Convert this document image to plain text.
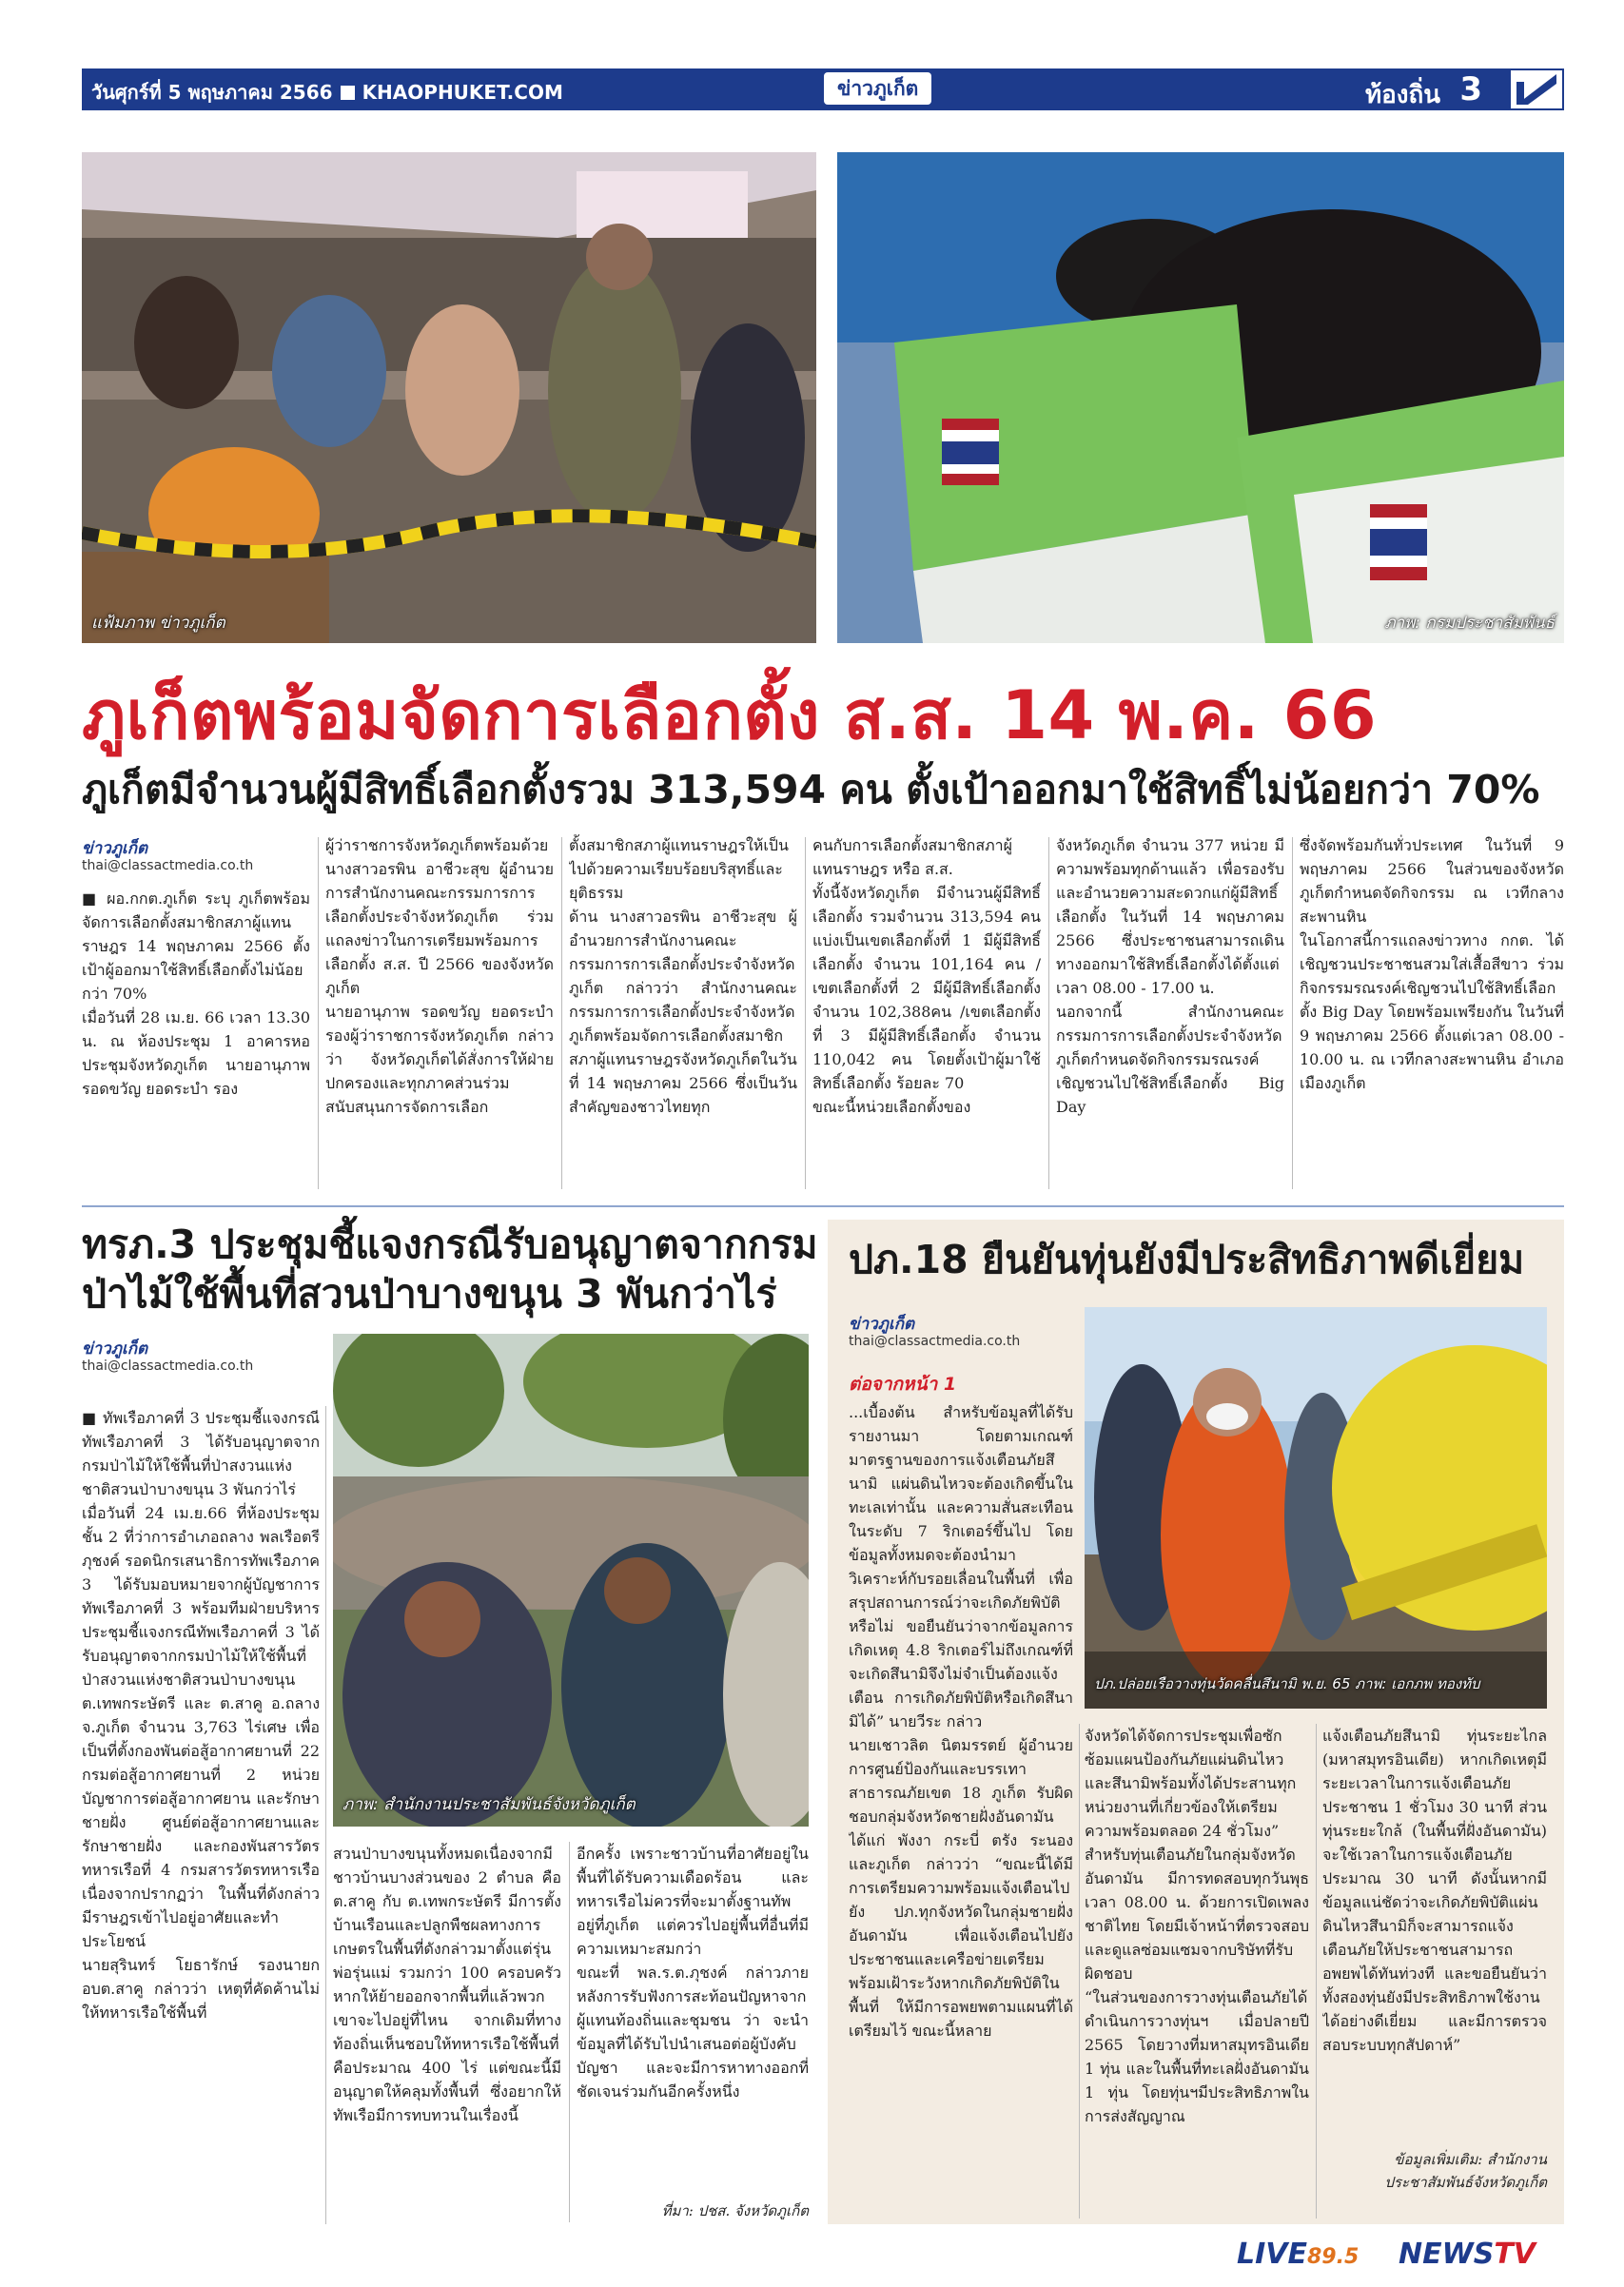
วันศุกร์ที่ 5 พฤษภาคม 2566 KHAOPHUKET.COM	ข่าวภูเก็ต	ท้องถิ่น 3
แฟ้มภาพ ข่าวภูเก็ต	ภาพ: กรมประชาสัมพันธ์
ภูเก็ตพร้อมจัดการเลือกตั้ง ส.ส. 14 พ.ค. 66
ภูเก็ตมีจำนวนผู้มีสิทธิ์เลือกตั้งรวม 313,594 คน ตั้งเป้าออกมาใช้สิทธิ์ไม่น้อยกว่า 70%
ข่าวภูเก็ต
thai@classactmedia.co.th
■ ผอ.กกต.ภูเก็ต ระบุ ภูเก็ตพร้อมจัดการเลือกตั้งสมาชิกสภาผู้แทนราษฎร 14 พฤษภาคม 2566 ตั้งเป้าผู้ออกมาใช้สิทธิ์เลือกตั้งไม่น้อยกว่า 70%
เมื่อวันที่ 28 เม.ย. 66 เวลา 13.30 น. ณ ห้องประชุม 1 อาคารหอประชุมจังหวัดภูเก็ต นายอานุภาพ รอดขวัญ ยอดระบำ รอง
ผู้ว่าราชการจังหวัดภูเก็ตพร้อมด้วยนางสาวอรพิน อาชีวะสุข ผู้อำนวยการสำนักงานคณะกรรมการการเลือกตั้งประจำจังหวัดภูเก็ต ร่วมแถลงข่าวในการเตรียมพร้อมการเลือกตั้ง ส.ส. ปี 2566 ของจังหวัดภูเก็ต
นายอานุภาพ รอดขวัญ ยอดระบำ รองผู้ว่าราชการจังหวัดภูเก็ต กล่าวว่า จังหวัดภูเก็ตได้สั่งการให้ฝ่ายปกครองและทุกภาคส่วนร่วมสนับสนุนการจัดการเลือก
ตั้งสมาชิกสภาผู้แทนราษฎรให้เป็นไปด้วยความเรียบร้อยบริสุทธิ์และยุติธรรม
ด้าน นางสาวอรพิน อาชีวะสุข ผู้อำนวยการสำนักงานคณะกรรมการการเลือกตั้งประจำจังหวัดภูเก็ต กล่าวว่า สำนักงานคณะกรรมการการเลือกตั้งประจำจังหวัดภูเก็ตพร้อมจัดการเลือกตั้งสมาชิกสภาผู้แทนราษฎรจังหวัดภูเก็ตในวันที่ 14 พฤษภาคม 2566 ซึ่งเป็นวันสำคัญของชาวไทยทุก
คนกับการเลือกตั้งสมาชิกสภาผู้แทนราษฎร หรือ ส.ส.
ทั้งนี้จังหวัดภูเก็ต มีจำนวนผู้มีสิทธิ์เลือกตั้ง รวมจำนวน 313,594 คน แบ่งเป็นเขตเลือกตั้งที่ 1 มีผู้มีสิทธิ์เลือกตั้ง จำนวน 101,164 คน /เขตเลือกตั้งที่ 2 มีผู้มีสิทธิ์เลือกตั้ง จำนวน 102,388คน /เขตเลือกตั้งที่ 3 มีผู้มีสิทธิ์เลือกตั้ง จำนวน 110,042 คน โดยตั้งเป้าผู้มาใช้สิทธิ์เลือกตั้ง ร้อยละ 70
ขณะนี้หน่วยเลือกตั้งของ
จังหวัดภูเก็ต จำนวน 377 หน่วย มีความพร้อมทุกด้านแล้ว เพื่อรองรับและอำนวยความสะดวกแก่ผู้มีสิทธิ์เลือกตั้ง ในวันที่ 14 พฤษภาคม 2566 ซึ่งประชาชนสามารถเดินทางออกมาใช้สิทธิ์เลือกตั้งได้ตั้งแต่เวลา 08.00 - 17.00 น.
นอกจากนี้ สำนักงานคณะกรรมการการเลือกตั้งประจำจังหวัดภูเก็ตกำหนดจัดกิจกรรมรณรงค์เชิญชวนไปใช้สิทธิ์เลือกตั้ง Big Day
ซึ่งจัดพร้อมกันทั่วประเทศ ในวันที่ 9 พฤษภาคม 2566 ในส่วนของจังหวัดภูเก็ตกำหนดจัดกิจกรรม ณ เวทีกลางสะพานหิน
ในโอกาสนี้การแถลงข่าวทาง กกต. ได้เชิญชวนประชาชนสวมใส่เสื้อสีขาว ร่วมกิจกรรมรณรงค์เชิญชวนไปใช้สิทธิ์เลือกตั้ง Big Day โดยพร้อมเพรียงกัน ในวันที่ 9 พฤษภาคม 2566 ตั้งแต่เวลา 08.00 - 10.00 น. ณ เวทีกลางสะพานหิน อำเภอเมืองภูเก็ต
ทรภ.3 ประชุมชี้แจงกรณีรับอนุญาตจากกรม
ป่าไม้ใช้พื้นที่สวนป่าบางขนุน 3 พันกว่าไร่
ข่าวภูเก็ต
thai@classactmedia.co.th
■ ทัพเรือภาคที่ 3 ประชุมชี้แจงกรณี ทัพเรือภาคที่ 3 ได้รับอนุญาตจากกรมป่าไม้ให้ใช้พื้นที่ป่าสงวนแห่งชาติสวนป่าบางขนุน 3 พันกว่าไร่
เมื่อวันที่ 24 เม.ย.66 ที่ห้องประชุม ชั้น 2 ที่ว่าการอำเภอถลาง พลเรือตรี ภุชงค์ รอดนิกรเสนาธิการทัพเรือภาค 3 ได้รับมอบหมายจากผู้บัญชาการทัพเรือภาคที่ 3 พร้อมทีมฝ่ายบริหารประชุมชี้แจงกรณีทัพเรือภาคที่ 3 ได้รับอนุญาตจากกรมป่าไม้ให้ใช้พื้นที่ป่าสงวนแห่งชาติสวนป่าบางขนุน ต.เทพกระษัตรี และ ต.สาคู อ.ถลาง จ.ภูเก็ต จำนวน 3,763 ไร่เศษ เพื่อเป็นที่ตั้งกองพันต่อสู้อากาศยานที่ 22 กรมต่อสู้อากาศยานที่ 2 หน่วยบัญชาการต่อสู้อากาศยาน และรักษาชายฝั่ง ศูนย์ต่อสู้อากาศยานและรักษาชายฝั่ง และกองพันสารวัตรทหารเรือที่ 4 กรมสารวัตรทหารเรือ เนื่องจากปรากฏว่า ในพื้นที่ดังกล่าวมีราษฎรเข้าไปอยู่อาศัยและทำประโยชน์
นายสุรินทร์ โยธารักษ์ รองนายก อบต.สาคู กล่าวว่า เหตุที่คัดค้านไม่ให้ทหารเรือใช้พื้นที่
ภาพ: สำนักงานประชาสัมพันธ์จังหวัดภูเก็ต
สวนป่าบางขนุนทั้งหมดเนื่องจากมีชาวบ้านบางส่วนของ 2 ตำบล คือ ต.สาคู กับ ต.เทพกระษัตรี มีการตั้งบ้านเรือนและปลูกพืชผลทางการเกษตรในพื้นที่ดังกล่าวมาตั้งแต่รุ่นพ่อรุ่นแม่ รวมกว่า 100 ครอบครัว หากให้ย้ายออกจากพื้นที่แล้วพวกเขาจะไปอยู่ที่ไหน จากเดิมที่ทางท้องถิ่นเห็นชอบให้ทหารเรือใช้พื้นที่ คือประมาณ 400 ไร่ แต่ขณะนี้มีอนุญาตให้คลุมทั้งพื้นที่ ซึ่งอยากให้ทัพเรือมีการทบทวนในเรื่องนี้
อีกครั้ง เพราะชาวบ้านที่อาศัยอยู่ในพื้นที่ได้รับความเดือดร้อน และทหารเรือไม่ควรที่จะมาตั้งฐานทัพอยู่ที่ภูเก็ต แต่ควรไปอยู่พื้นที่อื่นที่มีความเหมาะสมกว่า
ขณะที่ พล.ร.ต.ภุชงค์ กล่าวภายหลังการรับฟังการสะท้อนปัญหาจากผู้แทนท้องถิ่นและชุมชน ว่า จะนำข้อมูลที่ได้รับไปนำเสนอต่อผู้บังคับบัญชา และจะมีการหาทางออกที่ชัดเจนร่วมกันอีกครั้งหนึ่ง
ที่มา: ปชส. จังหวัดภูเก็ต
ปภ.18 ยืนยันทุ่นยังมีประสิทธิภาพดีเยี่ยม
ข่าวภูเก็ต
thai@classactmedia.co.th
ต่อจากหน้า 1
...เบื้องต้น สำหรับข้อมูลที่ได้รับรายงานมา โดยตามเกณฑ์มาตรฐานของการแจ้งเตือนภัยสึนามิ แผ่นดินไหวจะต้องเกิดขึ้นในทะเลเท่านั้น และความสั่นสะเทือนในระดับ 7 ริกเตอร์ขึ้นไป โดยข้อมูลทั้งหมดจะต้องนำมาวิเคราะห์กับรอยเลื่อนในพื้นที่ เพื่อสรุปสถานการณ์ว่าจะเกิดภัยพิบัติหรือไม่ ขอยืนยันว่าจากข้อมูลการเกิดเหตุ 4.8 ริกเตอร์ไม่ถึงเกณฑ์ที่จะเกิดสึนามิจึงไม่จำเป็นต้องแจ้งเตือน การเกิดภัยพิบัติหรือเกิดสึนามิได้” นายวีระ กล่าว
นายเชาวลิต นิตมรรตย์ ผู้อำนวยการศูนย์ป้องกันและบรรเทาสาธารณภัยเขต 18 ภูเก็ต รับผิดชอบกลุ่มจังหวัดชายฝั่งอันดามันได้แก่ พังงา กระบี่ ตรัง ระนอง และภูเก็ต กล่าวว่า “ขณะนี้ได้มีการเตรียมความพร้อมแจ้งเตือนไปยัง ปภ.ทุกจังหวัดในกลุ่มชายฝั่งอันดามัน เพื่อแจ้งเตือนไปยังประชาชนและเครือข่ายเตรียมพร้อมเฝ้าระวังหากเกิดภัยพิบัติในพื้นที่ ให้มีการอพยพตามแผนที่ได้เตรียมไว้ ขณะนี้หลาย
ปภ.ปล่อยเรือวางทุ่นวัดคลื่นสึนามิ พ.ย. 65 ภาพ: เอกภพ ทองทับ
จังหวัดได้จัดการประชุมเพื่อซักซ้อมแผนป้องกันภัยแผ่นดินไหวและสึนามิพร้อมทั้งได้ประสานทุกหน่วยงานที่เกี่ยวข้องให้เตรียมความพร้อมตลอด 24 ชั่วโมง”
สำหรับทุ่นเตือนภัยในกลุ่มจังหวัดอันดามัน มีการทดสอบทุกวันพุธเวลา 08.00 น. ด้วยการเปิดเพลงชาติไทย โดยมีเจ้าหน้าที่ตรวจสอบและดูแลซ่อมแซมจากบริษัทที่รับผิดชอบ
“ในส่วนของการวางทุ่นเตือนภัยได้ดำเนินการวางทุ่นฯ เมื่อปลายปี 2565 โดยวางที่มหาสมุทรอินเดีย 1 ทุ่น และในพื้นที่ทะเลฝั่งอันดามัน 1 ทุ่น โดยทุ่นฯมีประสิทธิภาพในการส่งสัญญาณ
แจ้งเตือนภัยสึนามิ ทุ่นระยะไกล (มหาสมุทรอินเดีย) หากเกิดเหตุมีระยะเวลาในการแจ้งเตือนภัยประชาชน 1 ชั่วโมง 30 นาที ส่วนทุ่นระยะใกล้ (ในพื้นที่ฝั่งอันดามัน) จะใช้เวลาในการแจ้งเตือนภัยประมาณ 30 นาที ดังนั้นหากมีข้อมูลแน่ชัดว่าจะเกิดภัยพิบัติแผ่นดินไหวสึนามิก็จะสามารถแจ้งเตือนภัยให้ประชาชนสามารถอพยพได้ทันท่วงที และขอยืนยันว่าทั้งสองทุ่นยังมีประสิทธิภาพใช้งานได้อย่างดีเยี่ยม และมีการตรวจสอบระบบทุกสัปดาห์”
ข้อมูลเพิ่มเติม: สำนักงาน
ประชาสัมพันธ์จังหวัดภูเก็ต
LIVE89.5 NEWSTV
